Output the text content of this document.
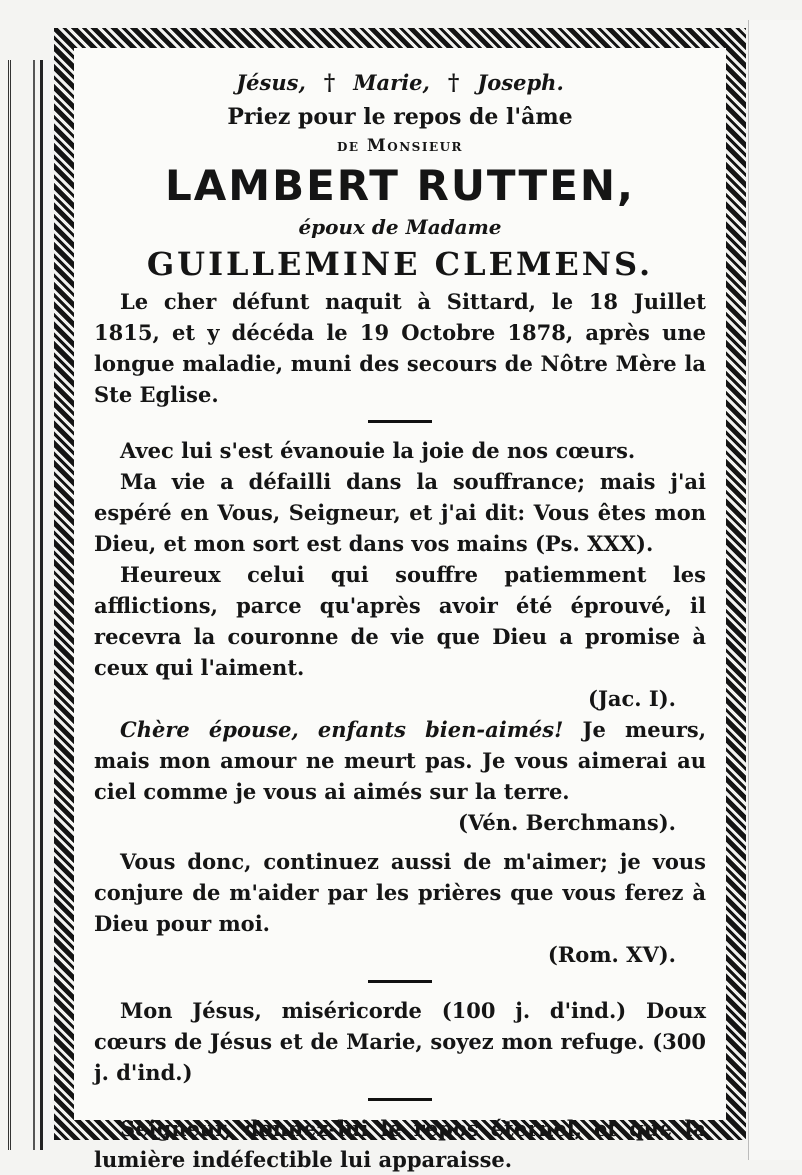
Jésus, † Marie, † Joseph.
Priez pour le repos de l'âme
de Monsieur
LAMBERT RUTTEN,
époux de Madame
GUILLEMINE CLEMENS.

Le cher défunt naquit à Sittard, le 18 Juillet 1815, et y décéda le 19 Octobre 1878, après une longue maladie, muni des secours de Nôtre Mère la Ste Eglise.

Avec lui s'est évanouie la joie de nos cœurs.

Ma vie a défailli dans la souffrance; mais j'ai espéré en Vous, Seigneur, et j'ai dit: Vous êtes mon Dieu, et mon sort est dans vos mains (Ps. XXX).

Heureux celui qui souffre patiemment les afflictions, parce qu'après avoir été éprouvé, il recevra la couronne de vie que Dieu a promise à ceux qui l'aiment.

(Jac. I).

Chère épouse, enfants bien-aimés! Je meurs, mais mon amour ne meurt pas. Je vous aimerai au ciel comme je vous ai aimés sur la terre.

(Vén. Berchmans).

Vous donc, continuez aussi de m'aimer; je vous conjure de m'aider par les prières que vous ferez à Dieu pour moi.

(Rom. XV).

Mon Jésus, miséricorde (100 j. d'ind.) Doux cœurs de Jésus et de Marie, soyez mon refuge. (300 j. d'ind.)

Seigneur, donnez-lui le repos éternel, et que la lumière indéfectible lui apparaisse.
